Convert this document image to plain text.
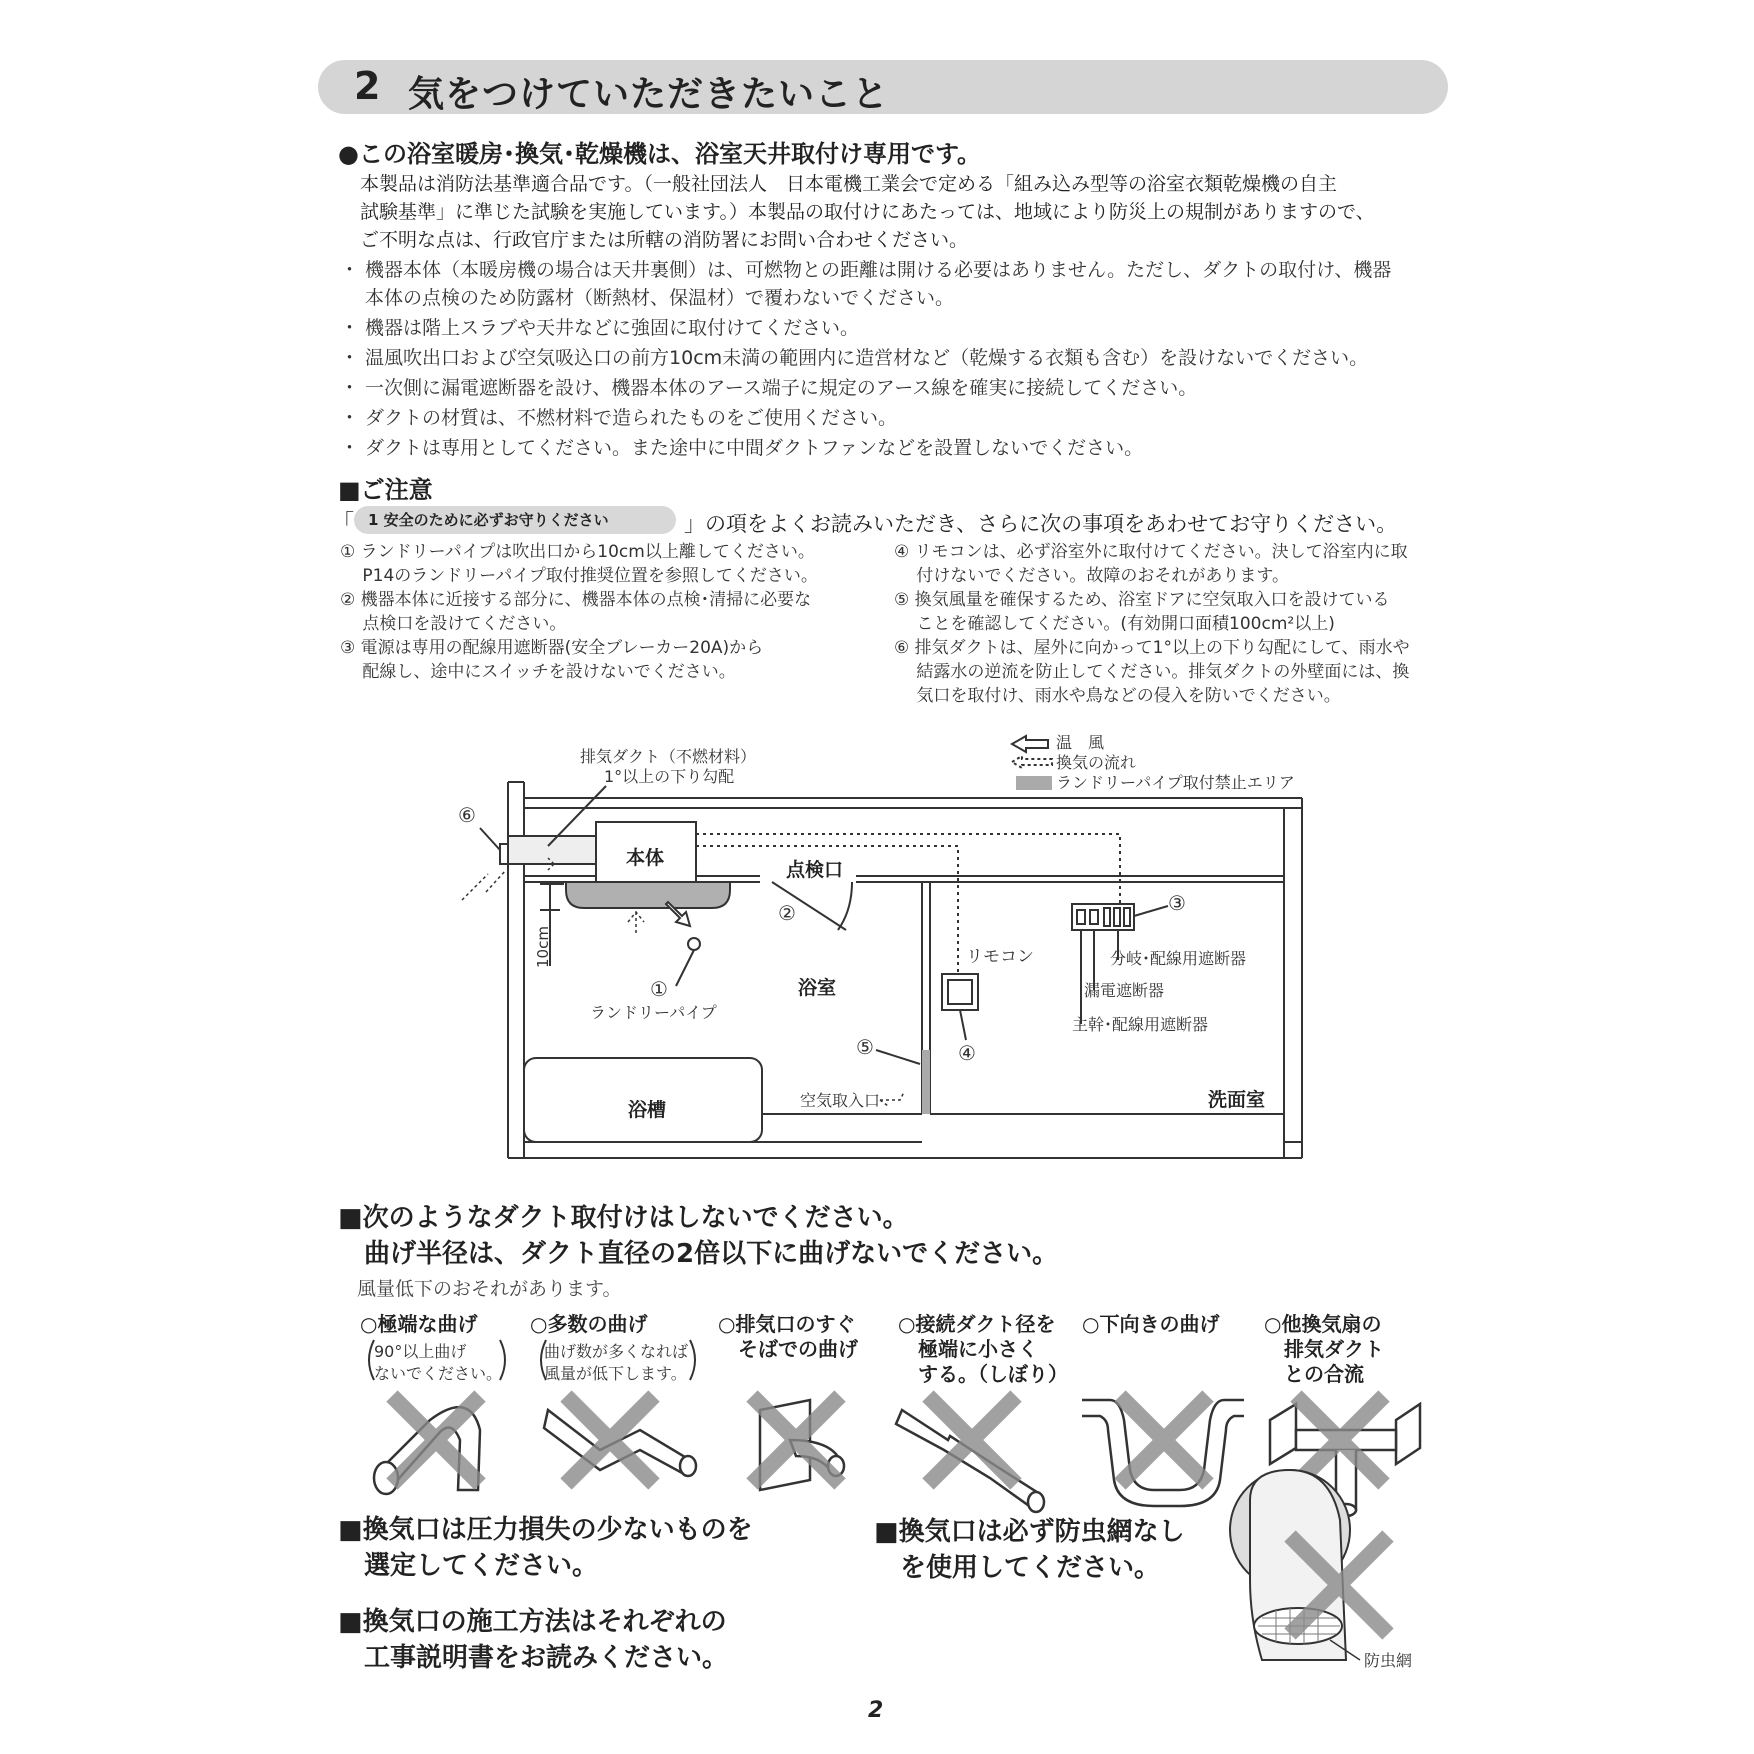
2 気をつけていただきたいこと
●この浴室暖房･換気･乾燥機は、浴室天井取付け専用です。
本製品は消防法基準適合品です。（一般社団法人　日本電機工業会で定める「組み込み型等の浴室衣類乾燥機の自主
試験基準」に準じた試験を実施しています。）本製品の取付けにあたっては、地域により防災上の規制がありますので、
ご不明な点は、行政官庁または所轄の消防署にお問い合わせください。
・ 機器本体（本暖房機の場合は天井裏側）は、可燃物との距離は開ける必要はありません。ただし、ダクトの取付け、機器
　 本体の点検のため防露材（断熱材、保温材）で覆わないでください。
・ 機器は階上スラブや天井などに強固に取付けてください。
・ 温風吹出口および空気吸込口の前方10cm未満の範囲内に造営材など（乾燥する衣類も含む）を設けないでください。
・ 一次側に漏電遮断器を設け、機器本体のアース端子に規定のアース線を確実に接続してください。
・ ダクトの材質は、不燃材料で造られたものをご使用ください。
・ ダクトは専用としてください。また途中に中間ダクトファンなどを設置しないでください。
■ご注意
「 1 安全のために必ずお守りください	」の項をよくお読みいただき、さらに次の事項をあわせてお守りください。
① ランドリーパイプは吹出口から10cm以上離してください。
　 P14のランドリーパイプ取付推奨位置を参照してください。
② 機器本体に近接する部分に、機器本体の点検･清掃に必要な
　 点検口を設けてください。
③ 電源は専用の配線用遮断器(安全ブレーカー20A)から
　 配線し、途中にスイッチを設けないでください。
④ リモコンは、必ず浴室外に取付けてください。決して浴室内に取
　 付けないでください。故障のおそれがあります。
⑤ 換気風量を確保するため、浴室ドアに空気取入口を設けている
　 ことを確認してください。(有効開口面積100cm²以上)
⑥ 排気ダクトは、屋外に向かって1°以上の下り勾配にして、雨水や
　 結露水の逆流を防止してください。排気ダクトの外壁面には、換
　 気口を取付け、雨水や鳥などの侵入を防いでください。
温　風
換気の流れ
ランドリーパイプ取付禁止エリア
排気ダクト（不燃材料）
1°以上の下り勾配
本体
点検口
浴室
浴槽	洗面室
リモコン
ランドリーパイプ
空気取入口
10cm	分岐･配線用遮断器
漏電遮断器
主幹･配線用遮断器
①
②	③
④
⑤
⑥
■次のようなダクト取付けはしないでください。
　曲げ半径は、ダクト直径の2倍以下に曲げないでください。
　風量低下のおそれがあります。
○極端な曲げ
90°以上曲げ
ないでください。
○多数の曲げ
曲げ数が多くなれば
風量が低下します。
○排気口のすぐ
　そばでの曲げ
○接続ダクト径を
　極端に小さく
　する。（しぼり）
○下向きの曲げ	○他換気扇の
　排気ダクト
　との合流
■換気口は圧力損失の少ないものを
　選定してください。
■換気口の施工方法はそれぞれの
　工事説明書をお読みください。
■換気口は必ず防虫網なし
　を使用してください。
防虫網
2
